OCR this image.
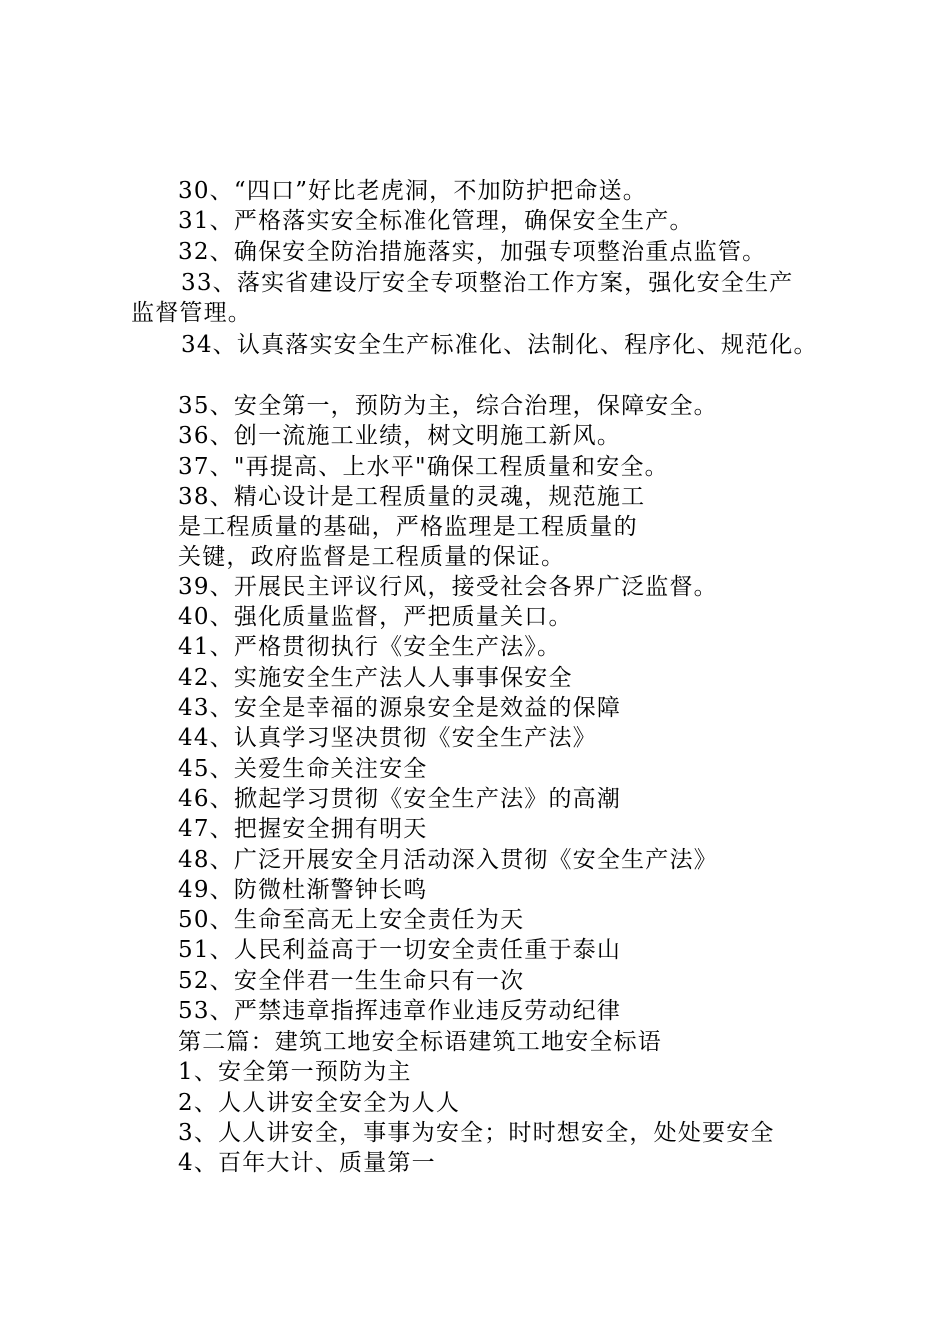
30、“四口”好比老虎洞，不加防护把命送。
31、严格落实安全标准化管理，确保安全生产。
32、确保安全防治措施落实，加强专项整治重点监管。
33、落实省建设厅安全专项整治工作方案，强化安全生产
监督管理。
34、认真落实安全生产标准化、法制化、程序化、规范化。
35、安全第一，预防为主，综合治理，保障安全。
36、创一流施工业绩，树文明施工新风。
37、"再提高、上水平"确保工程质量和安全。
38、精心设计是工程质量的灵魂，规范施工
是工程质量的基础，严格监理是工程质量的
关键，政府监督是工程质量的保证。
39、开展民主评议行风，接受社会各界广泛监督。
40、强化质量监督，严把质量关口。
41、严格贯彻执行《安全生产法》。
42、实施安全生产法人人事事保安全
43、安全是幸福的源泉安全是效益的保障
44、认真学习坚决贯彻《安全生产法》
45、关爱生命关注安全
46、掀起学习贯彻《安全生产法》的高潮
47、把握安全拥有明天
48、广泛开展安全月活动深入贯彻《安全生产法》
49、防微杜渐警钟长鸣
50、生命至高无上安全责任为天
51、人民利益高于一切安全责任重于泰山
52、安全伴君一生生命只有一次
53、严禁违章指挥违章作业违反劳动纪律
第二篇：建筑工地安全标语建筑工地安全标语
1、安全第一预防为主
2、人人讲安全安全为人人
3、人人讲安全，事事为安全；时时想安全，处处要安全
4、百年大计、质量第一
